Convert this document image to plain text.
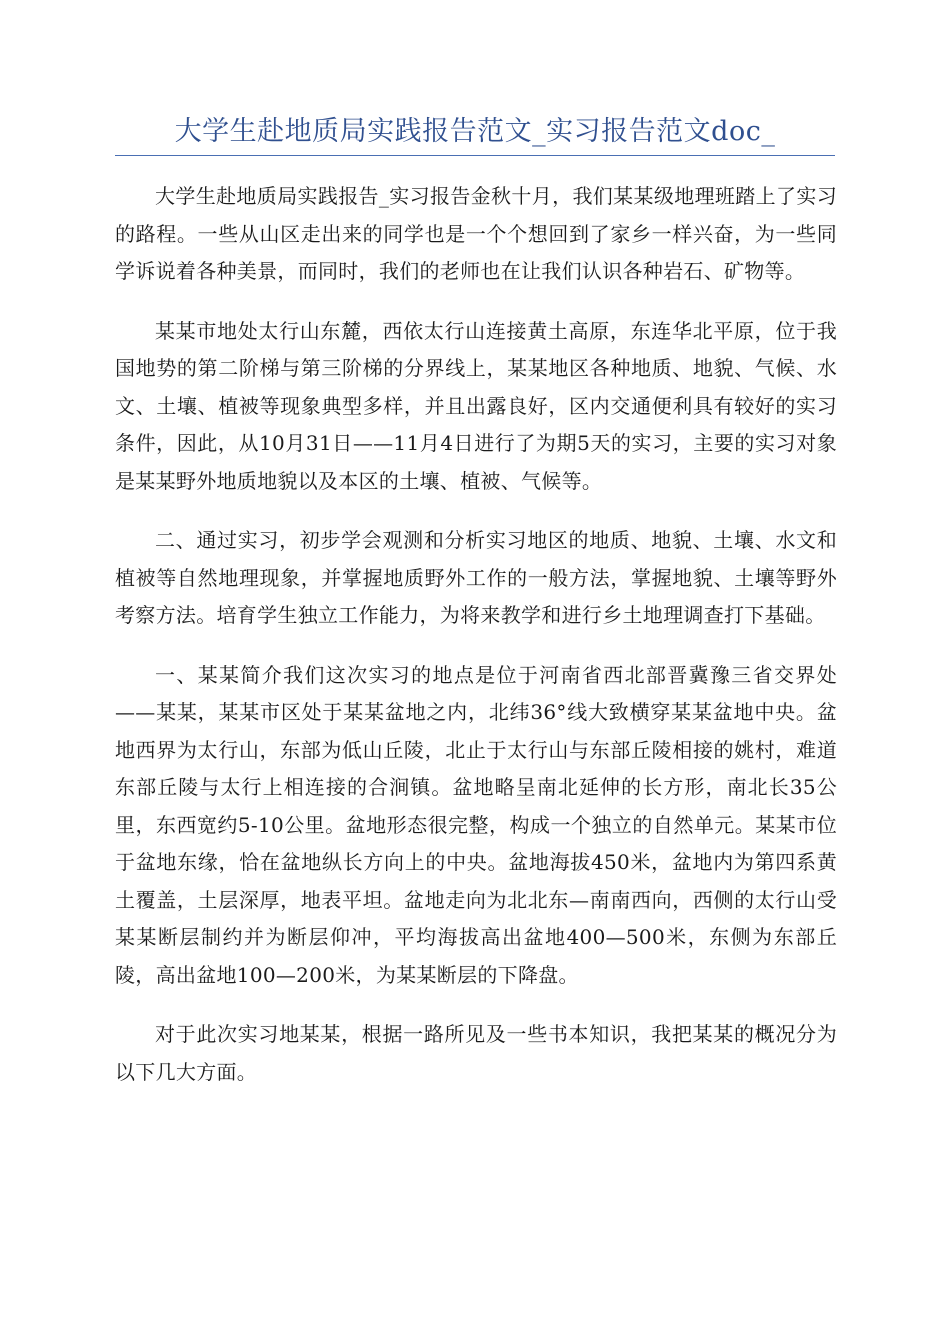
大学生赴地质局实践报告范文_实习报告范文doc_

大学生赴地质局实践报告_实习报告金秋十月，我们某某级地理班踏上了实习的路程。一些从山区走出来的同学也是一个个想回到了家乡一样兴奋，为一些同学诉说着各种美景，而同时，我们的老师也在让我们认识各种岩石、矿物等。

某某市地处太行山东麓，西依太行山连接黄土高原，东连华北平原，位于我国地势的第二阶梯与第三阶梯的分界线上，某某地区各种地质、地貌、气候、水文、土壤、植被等现象典型多样，并且出露良好，区内交通便利具有较好的实习条件，因此，从10月31日——11月4日进行了为期5天的实习，主要的实习对象是某某野外地质地貌以及本区的土壤、植被、气候等。

二、通过实习，初步学会观测和分析实习地区的地质、地貌、土壤、水文和植被等自然地理现象，并掌握地质野外工作的一般方法，掌握地貌、土壤等野外考察方法。培育学生独立工作能力，为将来教学和进行乡土地理调查打下基础。

一、某某简介我们这次实习的地点是位于河南省西北部晋冀豫三省交界处——某某，某某市区处于某某盆地之内，北纬36°线大致横穿某某盆地中央。盆地西界为太行山，东部为低山丘陵，北止于太行山与东部丘陵相接的姚村，难道东部丘陵与太行上相连接的合涧镇。盆地略呈南北延伸的长方形，南北长35公里，东西宽约5-10公里。盆地形态很完整，构成一个独立的自然单元。某某市位于盆地东缘，恰在盆地纵长方向上的中央。盆地海拔450米，盆地内为第四系黄土覆盖，土层深厚，地表平坦。盆地走向为北北东—南南西向，西侧的太行山受某某断层制约并为断层仰冲，平均海拔高出盆地400—500米，东侧为东部丘陵，高出盆地100—200米，为某某断层的下降盘。

对于此次实习地某某，根据一路所见及一些书本知识，我把某某的概况分为以下几大方面。
